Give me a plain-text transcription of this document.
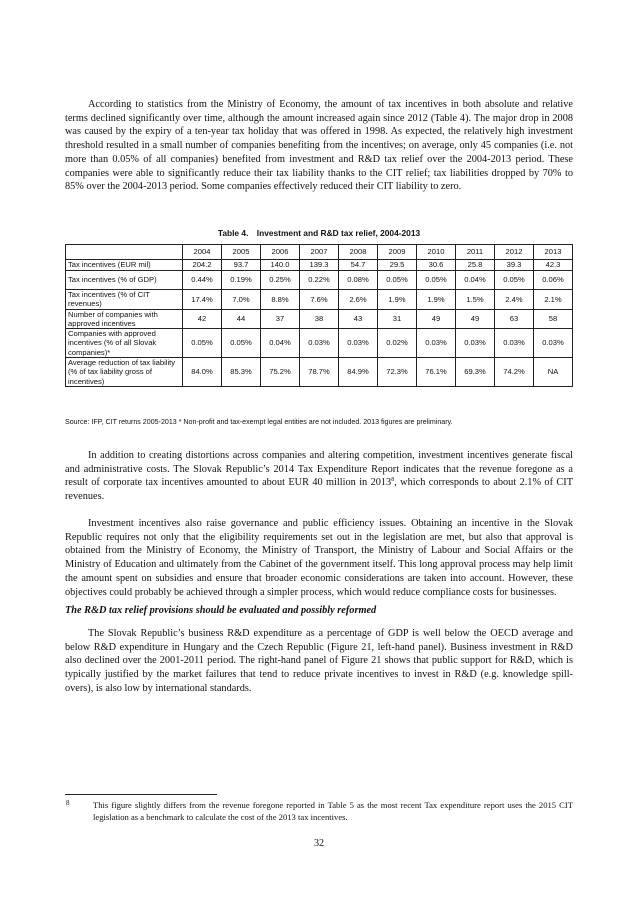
According to statistics from the Ministry of Economy, the amount of tax incentives in both absolute and relative terms declined significantly over time, although the amount increased again since 2012 (Table 4). The major drop in 2008 was caused by the expiry of a ten-year tax holiday that was offered in 1998. As expected, the relatively high investment threshold resulted in a small number of companies benefiting from the incentives; on average, only 45 companies (i.e. not more than 0.05% of all companies) benefited from investment and R&D tax relief over the 2004-2013 period. These companies were able to significantly reduce their tax liability thanks to the CIT relief; tax liabilities dropped by 70% to 85% over the 2004-2013 period. Some companies effectively reduced their CIT liability to zero.

Table 4. Investment and R&D tax relief, 2004-2013
	2004	2005	2006	2007	2008	2009	2010	2011	2012	2013
Tax incentives (EUR mil)	204.2	93.7	140.0	139.3	54.7	29.5	30.6	25.8	39.3	42.3
Tax incentives (% of GDP)	0.44%	0.19%	0.25%	0.22%	0.08%	0.05%	0.05%	0.04%	0.05%	0.06%
Tax incentives (% of CIT revenues)	17.4%	7.0%	8.8%	7.6%	2.6%	1.9%	1.9%	1.5%	2.4%	2.1%
Number of companies with approved incentives	42	44	37	38	43	31	49	49	63	58
Companies with approved incentives (% of all Slovak companies)*	0.05%	0.05%	0.04%	0.03%	0.03%	0.02%	0.03%	0.03%	0.03%	0.03%
Average reduction of tax liability (% of tax liability gross of incentives)	84.0%	85.3%	75.2%	78.7%	84.9%	72.3%	76.1%	69.3%	74.2%	NA
Source: IFP, CIT returns 2005-2013 * Non-profit and tax-exempt legal entities are not included. 2013 figures are preliminary.

In addition to creating distortions across companies and altering competition, investment incentives generate fiscal and administrative costs. The Slovak Republic’s 2014 Tax Expenditure Report indicates that the revenue foregone as a result of corporate tax incentives amounted to about EUR 40 million in 2013$^8$, which corresponds to about 2.1% of CIT revenues.

Investment incentives also raise governance and public efficiency issues. Obtaining an incentive in the Slovak Republic requires not only that the eligibility requirements set out in the legislation are met, but also that approval is obtained from the Ministry of Economy, the Ministry of Transport, the Ministry of Labour and Social Affairs or the Ministry of Education and ultimately from the Cabinet of the government itself. This long approval process may help limit the amount spent on subsidies and ensure that broader economic considerations are taken into account. However, these objectives could probably be achieved through a simpler process, which would reduce compliance costs for businesses.

The R&D tax relief provisions should be evaluated and possibly reformed

The Slovak Republic’s business R&D expenditure as a percentage of GDP is well below the OECD average and below R&D expenditure in Hungary and the Czech Republic (Figure 21, left-hand panel). Business investment in R&D also declined over the 2001-2011 period. The right-hand panel of Figure 21 shows that public support for R&D, which is typically justified by the market failures that tend to reduce private incentives to invest in R&D (e.g. knowledge spill-overs), is also low by international standards.

8	This figure slightly differs from the revenue foregone reported in Table 5 as the most recent Tax expenditure report uses the 2015 CIT legislation as a benchmark to calculate the cost of the 2013 tax incentives.
32
